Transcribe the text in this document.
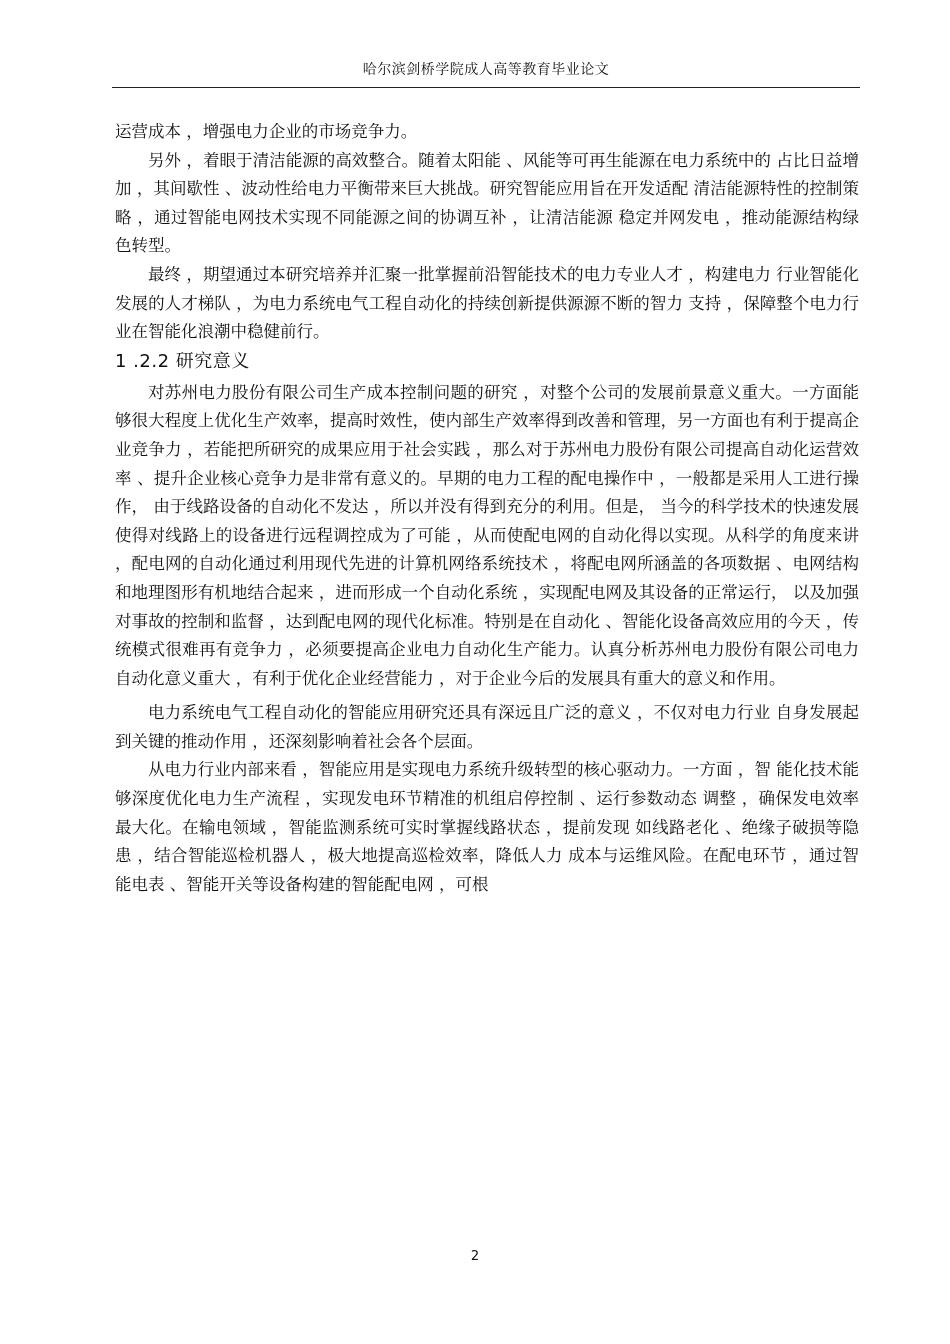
哈尔滨剑桥学院成人高等教育毕业论文

运营成本 ，增强电力企业的市场竞争力。

另外 ，着眼于清洁能源的高效整合。随着太阳能 、风能等可再生能源在电力系统中的 占比日益增加 ，其间歇性 、波动性给电力平衡带来巨大挑战。研究智能应用旨在开发适配 清洁能源特性的控制策略 ，通过智能电网技术实现不同能源之间的协调互补 ，让清洁能源 稳定并网发电 ，推动能源结构绿色转型。

最终 ，期望通过本研究培养并汇聚一批掌握前沿智能技术的电力专业人才 ，构建电力 行业智能化发展的人才梯队 ，为电力系统电气工程自动化的持续创新提供源源不断的智力 支持 ，保障整个电力行业在智能化浪潮中稳健前行。

1 .2.2 研究意义

对苏州电力股份有限公司生产成本控制问题的研究 ，对整个公司的发展前景意义重大。一方面能够很大程度上优化生产效率，提高时效性，使内部生产效率得到改善和管理，另一方面也有利于提高企业竞争力 ，若能把所研究的成果应用于社会实践 ，那么对于苏州电力股份有限公司提高自动化运营效率 、提升企业核心竞争力是非常有意义的。早期的电力工程的配电操作中 ，一般都是采用人工进行操作， 由于线路设备的自动化不发达 ，所以并没有得到充分的利用。但是， 当今的科学技术的快速发展使得对线路上的设备进行远程调控成为了可能 ，从而使配电网的自动化得以实现。从科学的角度来讲 ，配电网的自动化通过利用现代先进的计算机网络系统技术 ，将配电网所涵盖的各项数据 、电网结构和地理图形有机地结合起来 ，进而形成一个自动化系统 ，实现配电网及其设备的正常运行， 以及加强对事故的控制和监督 ，达到配电网的现代化标准。特别是在自动化 、智能化设备高效应用的今天 ，传统模式很难再有竞争力 ，必须要提高企业电力自动化生产能力。认真分析苏州电力股份有限公司电力自动化意义重大 ，有利于优化企业经营能力 ，对于企业今后的发展具有重大的意义和作用。

电力系统电气工程自动化的智能应用研究还具有深远且广泛的意义 ，不仅对电力行业 自身发展起到关键的推动作用 ，还深刻影响着社会各个层面。

从电力行业内部来看 ，智能应用是实现电力系统升级转型的核心驱动力。一方面 ，智 能化技术能够深度优化电力生产流程 ，实现发电环节精准的机组启停控制 、运行参数动态 调整 ，确保发电效率最大化。在输电领域 ，智能监测系统可实时掌握线路状态 ，提前发现 如线路老化 、绝缘子破损等隐患 ，结合智能巡检机器人 ，极大地提高巡检效率，降低人力 成本与运维风险。在配电环节 ，通过智能电表 、智能开关等设备构建的智能配电网 ，可根

2
